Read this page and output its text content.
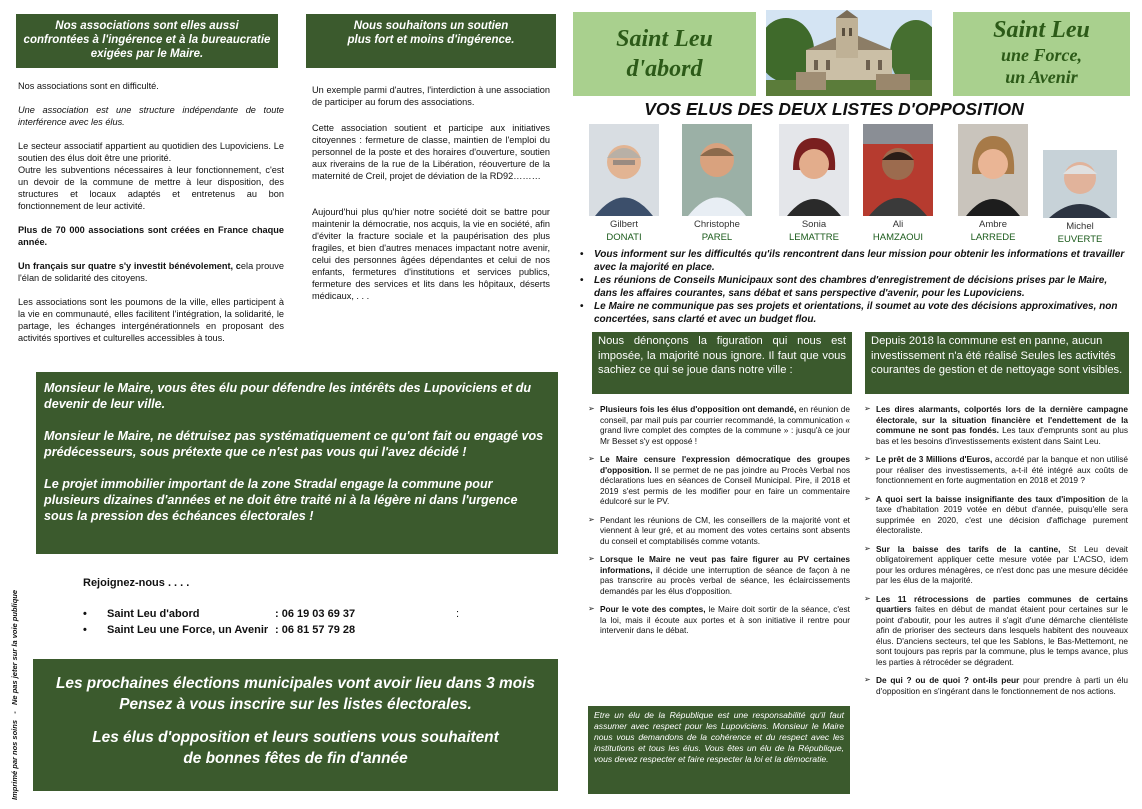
Nos associations sont elles aussi confrontées à l'ingérence et à la bureaucratie exigées par le Maire.

Nos associations sont en difficulté.

Une association est une structure indépendante de toute interférence avec les élus.

Le secteur associatif appartient au quotidien des Lupoviciens. Le soutien des élus doit être une priorité.

Outre les subventions nécessaires à leur fonctionnement, c'est un devoir de la commune de mettre à leur disposition, des structures et locaux adaptés et entretenus au bon fonctionnement de leur activité.

Plus de 70 000 associations sont créées en France chaque année.

Un français sur quatre s'y investit bénévolement, cela prouve l'élan de solidarité des citoyens.

Les associations sont les poumons de la ville, elles participent à la vie en communauté, elles facilitent l'intégration, la solidarité, le partage, les échanges intergénérationnels en proposant des activités sportives et culturelles accessibles à tous.

Nous souhaitons un soutien plus fort et moins d'ingérence.

Un exemple parmi d'autres, l'interdiction à une association de participer au forum des associations.

Cette association soutient et participe aux initiatives citoyennes : fermeture de classe, maintien de l'emploi du personnel de la poste et des horaires d'ouverture, soutien aux riverains de la rue de la Libération, réouverture de la maternité de Creil, projet de déviation de la RD92………

Aujourd'hui plus qu'hier notre société doit se battre pour maintenir la démocratie, nos acquis, la vie en société, afin d'éviter la fracture sociale et la paupérisation des plus fragiles, et bien d'autres menaces impactant notre avenir, celui des personnes âgées dépendantes et celui de nos enfants, fermetures d'institutions et services publics, fermeture des services et lits dans les hôpitaux, déserts médicaux, . . .

Monsieur le Maire, vous êtes élu pour défendre les intérêts des Lupoviciens et du devenir de leur ville.
Monsieur le Maire, ne détruisez pas systématiquement ce qu'ont fait ou engagé vos prédécesseurs, sous prétexte que ce n'est pas vous qui l'avez décidé !
Le projet immobilier important de la zone Stradal engage la commune pour plusieurs dizaines d'années et ne doit être traité ni à la légère ni dans l'urgence sous la pression des échéances électorales !
Rejoignez-nous . . . .
• Saint Leu d'abord	: 06 19 03 69 37	:
• Saint Leu une Force, un Avenir : 06 81 57 79 28
Imprimé par nos soins   -   Ne pas jeter sur la voie publique	Les prochaines élections municipales vont avoir lieu dans 3 mois
Pensez à vous inscrire sur les listes électorales.
Les élus d'opposition et leurs soutiens vous souhaitent
de bonnes fêtes de fin d'année
Saint Leu
d'abord
Saint Leu
une Force,
un Avenir
VOS ELUS DES DEUX LISTES D'OPPOSITION
Gilbert
DONATI
Christophe
PAREL
Sonia
LEMATTRE
Ali
HAMZAOUI
Ambre
LARREDE
Michel
EUVERTE

• Vous informent sur les difficultés qu'ils rencontrent dans leur mission pour obtenir les informations et travailler avec la majorité en place.

• Les réunions de Conseils Municipaux sont des chambres d'enregistrement de décisions prises par le Maire, dans les affaires courantes, sans débat et sans perspective d'avenir, pour les Lupoviciens.

• Le Maire ne communique pas ses projets et orientations, il soumet au vote des décisions approximatives, non concertées, sans clarté et avec un budget flou.

Nous dénonçons la figuration qui nous est imposée, la majorité nous ignore. Il faut que vous sachiez ce qui se joue dans notre ville :
Depuis 2018 la commune est en panne, aucun investissement n'a été réalisé Seules les activités courantes de gestion et de nettoyage sont visibles.
➢ Plusieurs fois les élus d'opposition ont demandé, en réunion de conseil, par mail puis par courrier recommandé, la communication « grand livre complet des comptes de la commune » : jusqu'à ce jour Mr Besset s'y est opposé !
➢ Le Maire censure l'expression démocratique des groupes d'opposition. Il se permet de ne pas joindre au Procès Verbal nos déclarations lues en séances de Conseil Municipal. Pire, il 2018 et 2019 s'est permis de les modifier pour en faire un commentaire édulcoré sur le PV.
➢ Pendant les réunions de CM, les conseillers de la majorité vont et viennent à leur gré, et au moment des votes certains sont absents du conseil et comptabilisés comme votants.
➢ Lorsque le Maire ne veut pas faire figurer au PV certaines informations, il décide une interruption de séance de façon à ne pas transcrire au procès verbal de séance, les éclaircissements demandés par les élus d'opposition.
➢ Pour le vote des comptes, le Maire doit sortir de la séance, c'est la loi, mais il écoute aux portes et à son initiative il rentre pour intervenir dans le débat.
Etre un élu de la République est une responsabilité qu'il faut assumer avec respect pour les Lupoviciens. Monsieur le Maire nous vous demandons de la cohérence et du respect avec les institutions et tous les élus. Vous êtes un élu de la République, vous devez respecter et faire respecter la loi et la démocratie.
➢ Les dires alarmants, colportés lors de la dernière campagne électorale, sur la situation financière et l'endettement de la commune ne sont pas fondés. Les taux d'emprunts sont au plus bas et les besoins d'investissements existent dans Saint Leu.
➢ Le prêt de 3 Millions d'Euros, accordé par la banque et non utilisé pour réaliser des investissements, a-t-il été intégré aux coûts de fonctionnement en forte augmentation en 2018 et 2019 ?
➢ A quoi sert la baisse insignifiante des taux d'imposition de la taxe d'habitation 2019 votée en début d'année, puisqu'elle sera supprimée en 2020, c'est une décision d'affichage purement électoraliste.
➢ Sur la baisse des tarifs de la cantine, St Leu devait obligatoirement appliquer cette mesure votée par L'ACSO, idem pour les ordures ménagères, ce n'est donc pas une mesure décidée par les élus de la majorité.
➢ Les 11 rétrocessions de parties communes de certains quartiers faites en début de mandat étaient pour certaines sur le point d'aboutir, pour les autres il s'agit d'une démarche clientéliste afin de prioriser des secteurs dans lesquels habitent des nouveaux élus. D'anciens secteurs, tel que les Sablons, le Bas-Mettemont, ne sont toujours pas repris par la commune, plus le temps avance, plus les parties à rétrocéder se dégradent.
➢ De qui ? ou de quoi ? ont-ils peur pour prendre à parti un élu d'opposition en s'ingérant dans le fonctionnement de nos actions.
